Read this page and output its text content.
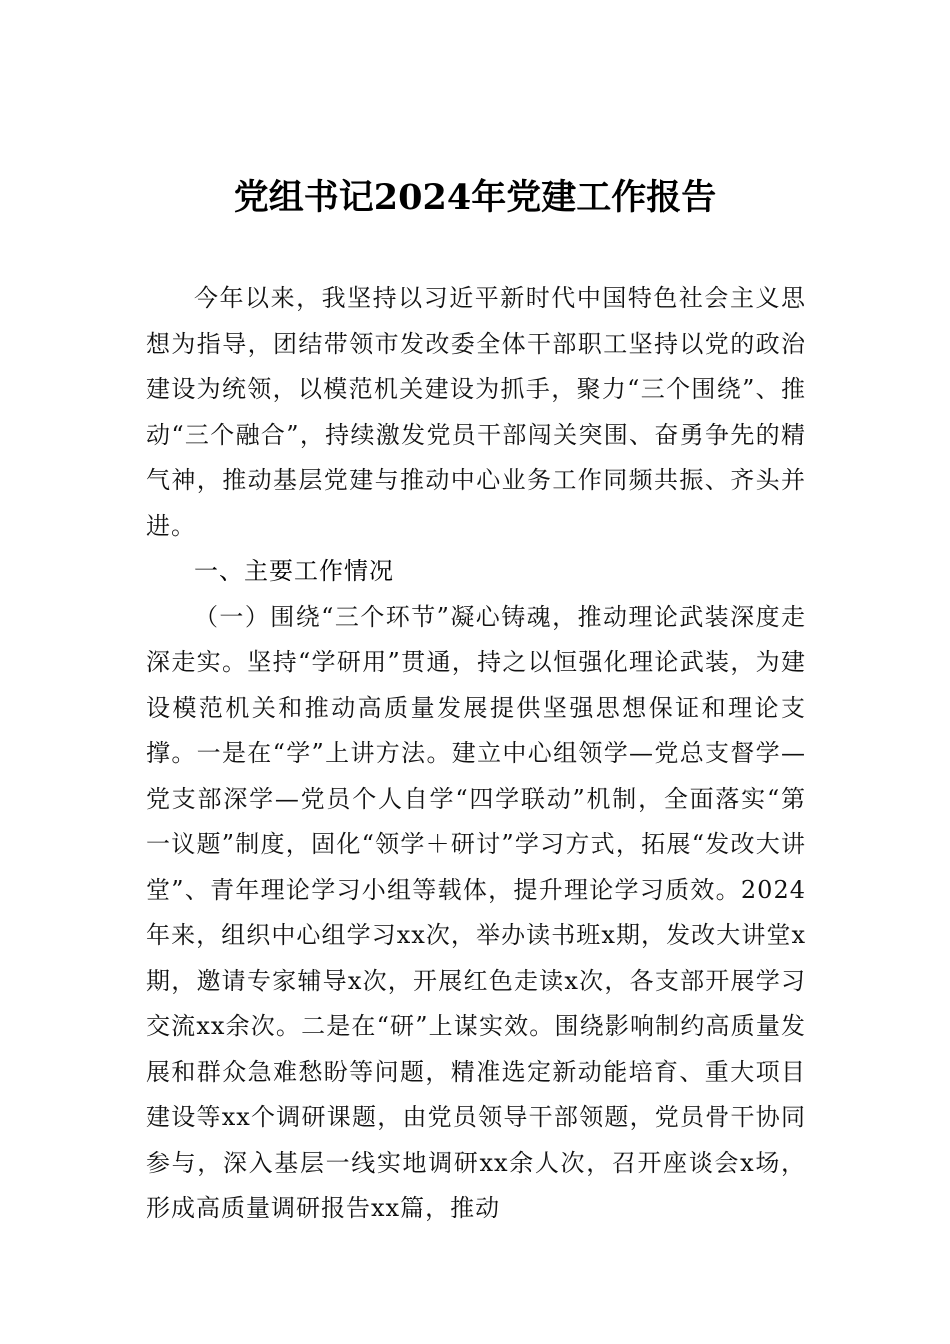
党组书记2024年党建工作报告

今年以来，我坚持以习近平新时代中国特色社会主义思想为指导，团结带领市发改委全体干部职工坚持以党的政治建设为统领，以模范机关建设为抓手，聚力“三个围绕”、推动“三个融合”，持续激发党员干部闯关突围、奋勇争先的精气神，推动基层党建与推动中心业务工作同频共振、齐头并进。

一、主要工作情况

（一）围绕“三个环节”凝心铸魂，推动理论武装深度走深走实。坚持“学研用”贯通，持之以恒强化理论武装，为建设模范机关和推动高质量发展提供坚强思想保证和理论支撑。一是在“学”上讲方法。建立中心组领学—党总支督学—党支部深学—党员个人自学“四学联动”机制，全面落实“第一议题”制度，固化“领学＋研讨”学习方式，拓展“发改大讲堂”、青年理论学习小组等载体，提升理论学习质效。2024年来，组织中心组学习xx次，举办读书班x期，发改大讲堂x期，邀请专家辅导x次，开展红色走读x次，各支部开展学习交流xx余次。二是在“研”上谋实效。围绕影响制约高质量发展和群众急难愁盼等问题，精准选定新动能培育、重大项目建设等xx个调研课题，由党员领导干部领题，党员骨干协同参与，深入基层一线实地调研xx余人次，召开座谈会x场，形成高质量调研报告xx篇，推动
